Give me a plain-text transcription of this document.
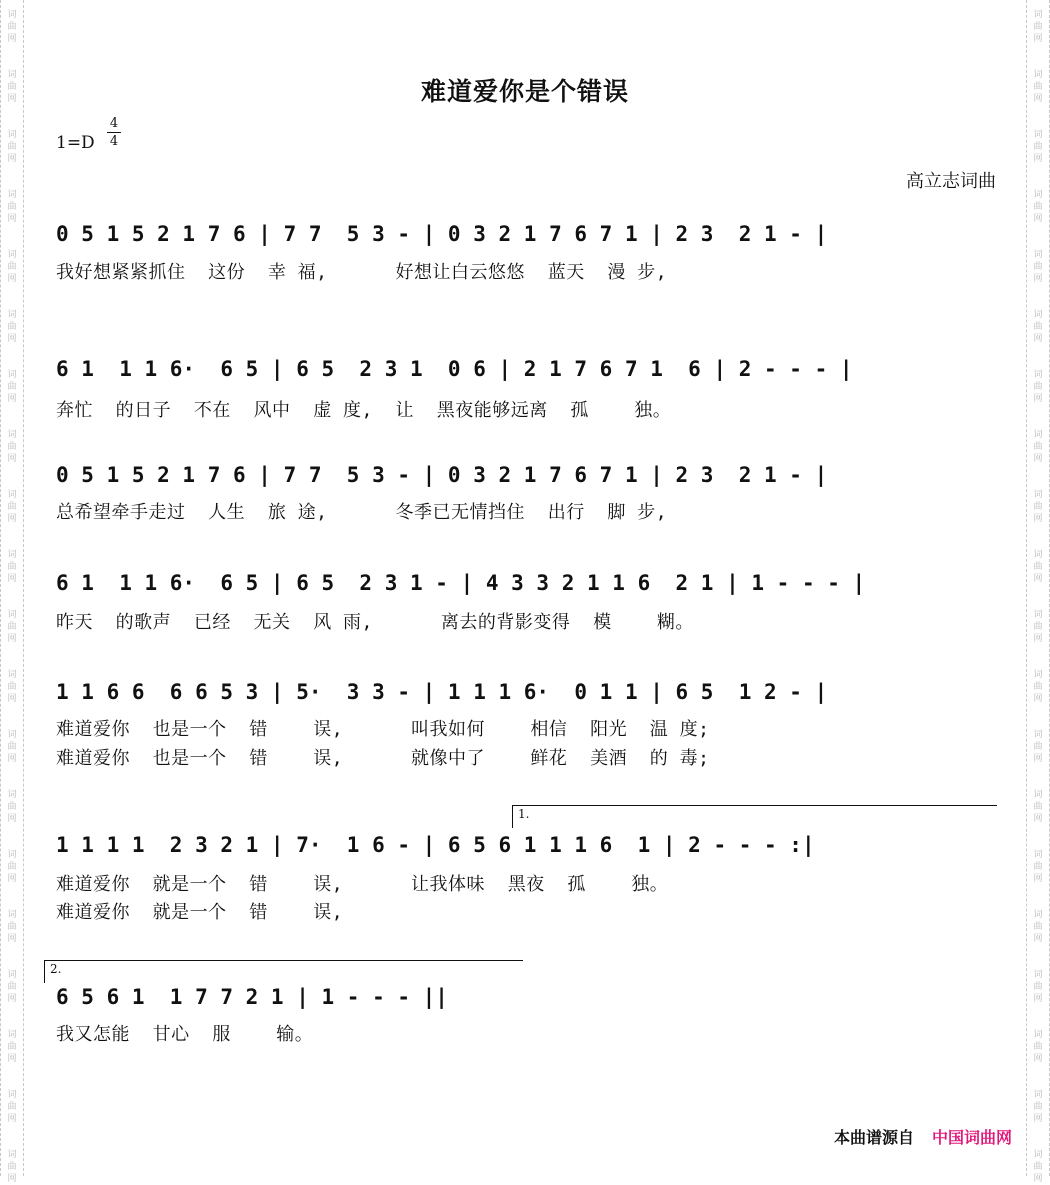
词
曲
网
词
曲
网
词
曲
网
词
曲
网
词
曲
网
词
曲
网
词
曲
网
词
曲
网
词
曲
网
词
曲
网
词
曲
网
词
曲
网
词
曲
网
词
曲
网
词
曲
网
词
曲
网
词
曲
网
词
曲
网
词
曲
网
词
曲
网
词
曲
网
词
曲
网
词
曲
网
词
曲
网
词
曲
网
词
曲
网
词
曲
网
词
曲
网
词
曲
网
词
曲
网
词
曲
网
词
曲
网
词
曲
网
词
曲
网
词
曲
网
词
曲
网
词
曲
网
词
曲
网
词
曲
网
词
曲
网
难道爱你是个错误
1=D
4
4
高立志词曲
0 5 1 5 2 1 7 6 | 7 7  5 3 - | 0 3 2 1 7 6 7 1 | 2 3  2 1 - |
我好想紧紧抓住  这份  幸 福,      好想让白云悠悠  蓝天  漫 步,
6 1  1 1 6·  6 5 | 6 5  2 3 1  0 6 | 2 1 7 6 7 1  6 | 2 - - - |
奔忙  的日子  不在  风中  虚 度,  让  黑夜能够远离  孤    独。
0 5 1 5 2 1 7 6 | 7 7  5 3 - | 0 3 2 1 7 6 7 1 | 2 3  2 1 - |
总希望牵手走过  人生  旅 途,      冬季已无情挡住  出行  脚 步,
6 1  1 1 6·  6 5 | 6 5  2 3 1 - | 4 3 3 2 1 1 6  2 1 | 1 - - - |
昨天  的歌声  已经  无关  风 雨,      离去的背影变得  模    糊。
1 1 6 6  6 6 5 3 | 5·  3 3 - | 1 1 1 6·  0 1 1 | 6 5  1 2 - |
难道爱你  也是一个  错    误,      叫我如何    相信  阳光  温 度;
难道爱你  也是一个  错    误,      就像中了    鲜花  美酒  的 毒;
1.
1 1 1 1  2 3 2 1 | 7·  1 6 - | 6 5 6 1 1 1 6  1 | 2 - - - :|
难道爱你  就是一个  错    误,      让我体味  黑夜  孤    独。
难道爱你  就是一个  错    误,
2.
6 5 6 1  1 7 7 2 1 | 1 - - - ||
我又怎能  甘心  服    输。
本曲谱源自 中国词曲网
